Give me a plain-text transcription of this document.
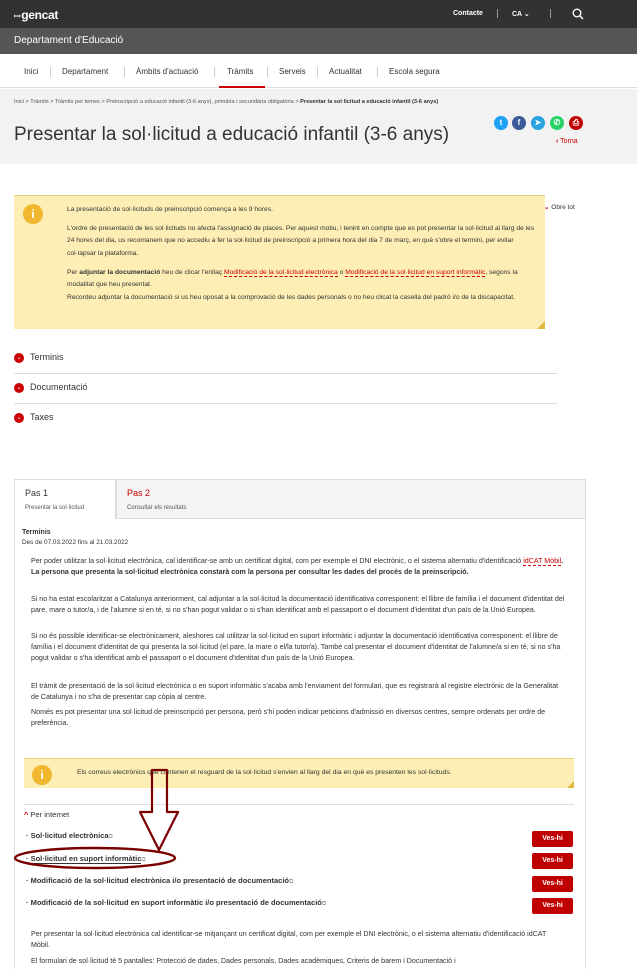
ꟷgencat	Contacte	CA ⌄
Departament d'Educació
Inici	Departament	Àmbits d'actuació	Tràmits	Serveis	Actualitat	Escola segura
Inici > Tràmits > Tràmits per temes > Preinscripció a educació infantil (3-6 anys), primària i secundària obligatòria > Presentar la sol·licitud a educació infantil (3-6 anys)
Presentar la sol·licitud a educació infantil (3-6 anys)
t	f	➤	✆	⎙
‹ Torna
i	La presentació de sol·licituds de preinscripció comença a les 9 hores.

L'ordre de presentació de les sol·licituds no afecta l'assignació de places. Per aquest motiu, i tenint en compte que es pot presentar la sol·licitud al llarg de les 24 hores del dia, us recomanem que no accediu a fer la sol·licitud de preinscripció a primera hora del dia 7 de març, en què s'obre el termini, per evitar col·lapsar la plataforma.

Per adjuntar la documentació heu de clicar l'enllaç Modificació de la sol·licitud electrònica o Modificació de la sol·licitud en suport informàtic, segons la modalitat que heu presentat.

Recordeu adjuntar la documentació si us heu oposat a la comprovació de les dades personals o no heu clicat la casella del padró i/o de la discapacitat.

⌄ Obre tot
⌄ Terminis
⌄ Documentació
⌄ Taxes
Pas 1
Presentar la sol·licitud
Pas 2
Consultar els resultats
Terminis
Des de 07.03.2022 fins al 21.03.2022
Per poder utilitzar la sol·licitud electrònica, cal identificar-se amb un certificat digital, com per exemple el DNI electrònic, o el sistema alternatiu d'identificació idCAT Mòbil. La persona que presenta la sol·licitud electrònica constarà com la persona per consultar les dades del procés de la preinscripció.
Si no ha estat escolaritzat a Catalunya anteriorment, cal adjuntar a la sol·licitud la documentació identificativa corresponent: el llibre de família i el document d'identitat del pare, mare o tutor/a, i de l'alumne si en té, si no s'han pogut validar o si s'han identificat amb el passaport o el document d'identitat d'un país de la Unió Europea.
Si no és possible identificar-se electrònicament, aleshores cal utilitzar la sol·licitud en suport informàtic i adjuntar la documentació identificativa corresponent: el llibre de família i el document d'identitat de qui presenta la sol·licitud (el pare, la mare o el/la tutor/a). També cal presentar el document d'identitat de l'alumne/a si en té, si no s'ha pogut validar o s'ha identificat amb el passaport o el document d'identitat d'un país de la Unió Europea.
El tràmit de presentació de la sol·licitud electrònica o en suport informàtic s'acaba amb l'enviament del formulari, que es registrarà al registre electrònic de la Generalitat de Catalunya i no s'ha de presentar cap còpia al centre.
Només es pot presentar una sol·licitud de preinscripció per persona, però s'hi poden indicar peticions d'admissió en diversos centres, sempre ordenats per ordre de preferència.
i	Els correus electrònics que contenen el resguard de la sol·licitud s'envien al llarg del dia en què es presenten les sol·licituds.
^ Per internet
· Sol·licitud electrònica⧉	Ves-hi
· Sol·licitud en suport informàtic⧉	Ves-hi
· Modificació de la sol·licitud electrònica i/o presentació de documentació⧉	Ves-hi
· Modificació de la sol·licitud en suport informàtic i/o presentació de documentació⧉	Ves-hi
Per presentar la sol·licitud electrònica cal identificar-se mitjançant un certificat digital, com per exemple el DNI electrònic, o el sistema alternatiu d'identificació idCAT Mòbil.
El formulari de sol·licitud té 5 pantalles: Protecció de dades, Dades personals, Dades acadèmiques, Criteris de barem i Documentació i
